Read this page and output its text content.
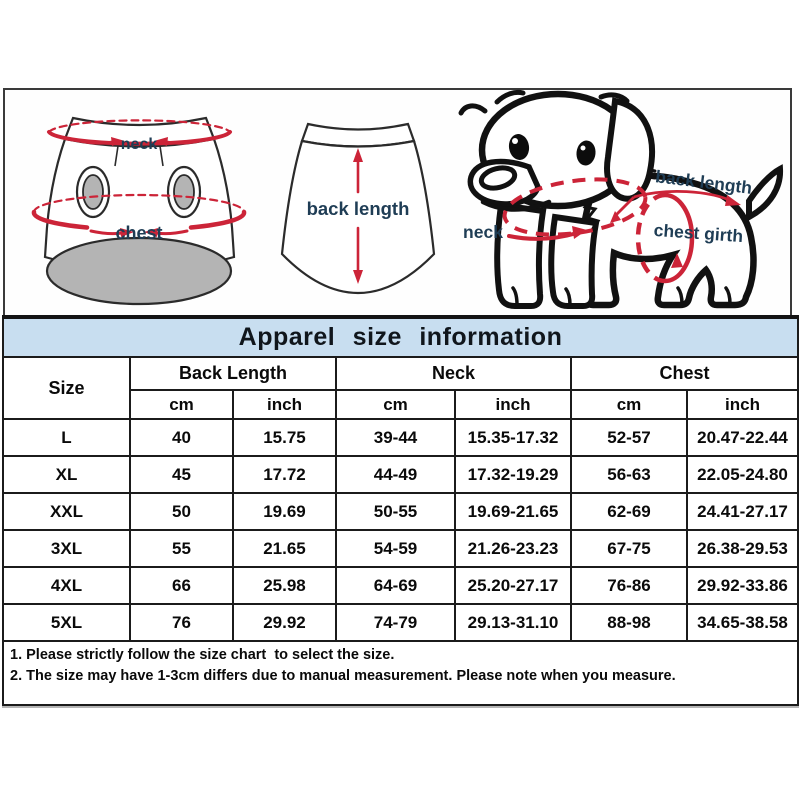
neck
chest
back length
neck
back length
chest girth
Apparel size information						
Size	Back Length		Neck		Chest	
	cm	inch	cm	inch	cm	inch
L	40	15.75	39-44	15.35-17.32	52-57	20.47-22.44
XL	45	17.72	44-49	17.32-19.29	56-63	22.05-24.80
XXL	50	19.69	50-55	19.69-21.65	62-69	24.41-27.17
3XL	55	21.65	54-59	21.26-23.23	67-75	26.38-29.53
4XL	66	25.98	64-69	25.20-27.17	76-86	29.92-33.86
5XL	76	29.92	74-79	29.13-31.10	88-98	34.65-38.58

1. Please strictly follow the size chart  to select the size.
2. The size may have 1-3cm differs due to manual measurement. Please note when you measure.						
